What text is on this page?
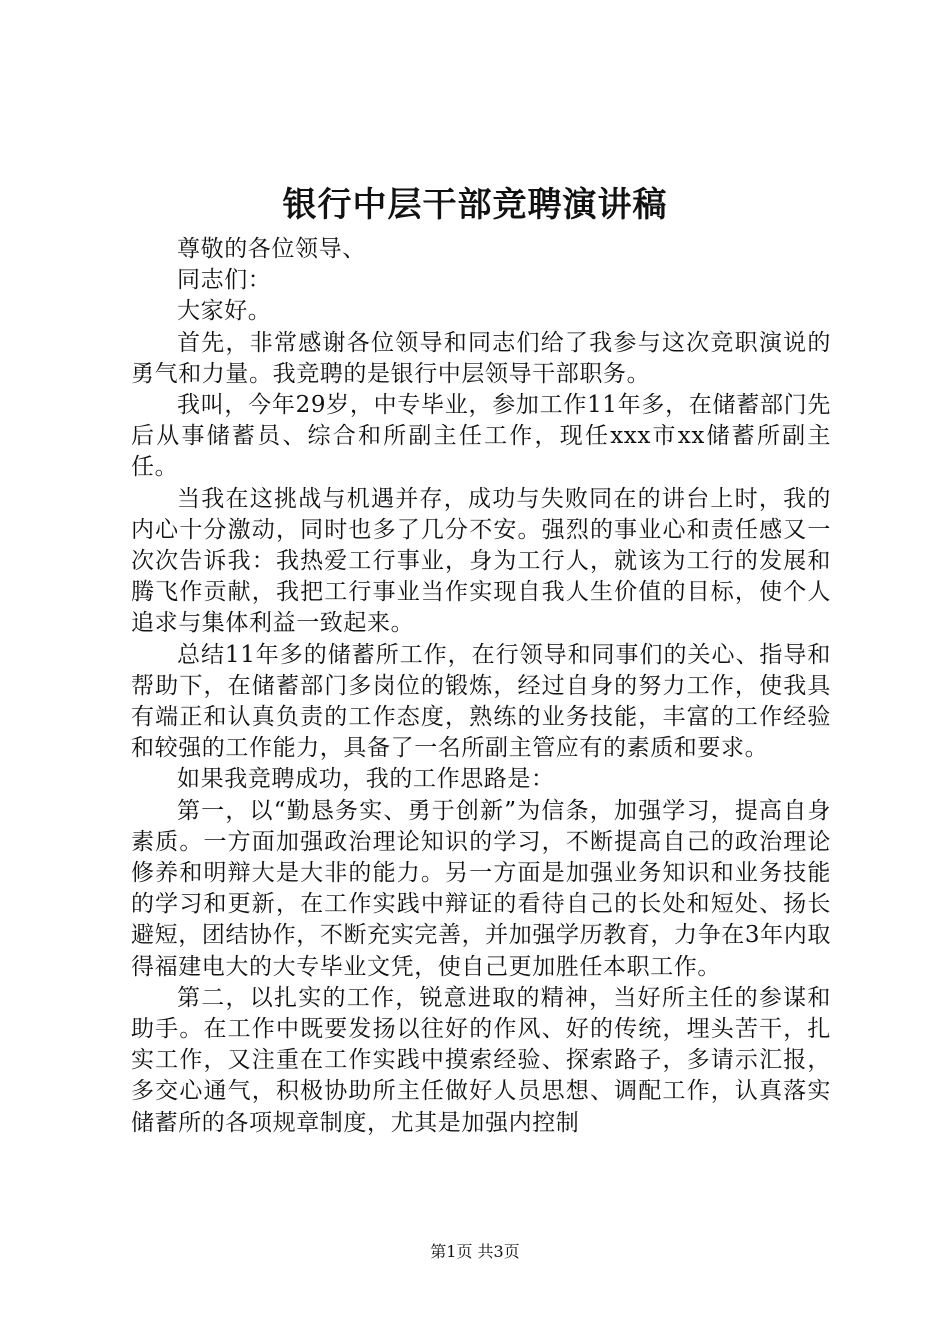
银行中层干部竞聘演讲稿

尊敬的各位领导、

同志们：

大家好。

首先，非常感谢各位领导和同志们给了我参与这次竞职演说的勇气和力量。我竞聘的是银行中层领导干部职务。

我叫，今年29岁，中专毕业，参加工作11年多，在储蓄部门先后从事储蓄员、综合和所副主任工作，现任xxx市xx储蓄所副主任。

当我在这挑战与机遇并存，成功与失败同在的讲台上时，我的内心十分激动，同时也多了几分不安。强烈的事业心和责任感又一次次告诉我：我热爱工行事业，身为工行人，就该为工行的发展和腾飞作贡献，我把工行事业当作实现自我人生价值的目标，使个人追求与集体利益一致起来。

总结11年多的储蓄所工作，在行领导和同事们的关心、指导和帮助下，在储蓄部门多岗位的锻炼，经过自身的努力工作，使我具有端正和认真负责的工作态度，熟练的业务技能，丰富的工作经验和较强的工作能力，具备了一名所副主管应有的素质和要求。

如果我竞聘成功，我的工作思路是：

第一，以“勤恳务实、勇于创新”为信条，加强学习，提高自身素质。一方面加强政治理论知识的学习，不断提高自己的政治理论修养和明辩大是大非的能力。另一方面是加强业务知识和业务技能的学习和更新，在工作实践中辩证的看待自己的长处和短处、扬长避短，团结协作，不断充实完善，并加强学历教育，力争在3年内取得福建电大的大专毕业文凭，使自己更加胜任本职工作。

第二，以扎实的工作，锐意进取的精神，当好所主任的参谋和助手。在工作中既要发扬以往好的作风、好的传统，埋头苦干，扎实工作，又注重在工作实践中摸索经验、探索路子，多请示汇报，多交心通气，积极协助所主任做好人员思想、调配工作，认真落实储蓄所的各项规章制度，尤其是加强内控制

第1页 共3页
